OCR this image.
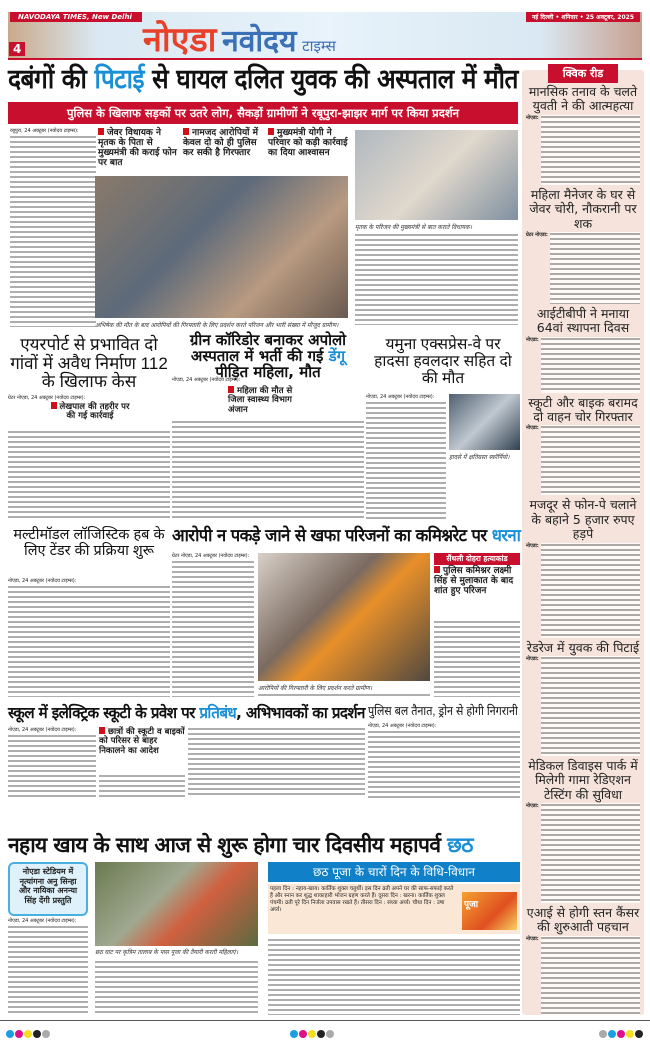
NAVODAYA TIMES, New Delhi
4	नोएडा नवोदय टाइम्स
नई दिल्ली • शनिवार • 25 अक्टूबर, 2025
दबंगों की पिटाई से घायल दलित युवक की अस्पताल में मौत
पुलिस के खिलाफ सड़कों पर उतरे लोग, सैकड़ों ग्रामीणों ने रबूपुरा-झाझर मार्ग पर किया प्रदर्शन
रबूपुरा, 24 अक्टूबर (नवोदय टाइम्स):	जेवर विधायक ने मृतक के पिता से मुख्यमंत्री की कराई फोन पर बात
नामजद आरोपियों में केवल दो को ही पुलिस कर सकी है गिरफ्तार
मुख्यमंत्री योगी ने परिवार को कड़ी कार्रवाई का दिया आश्वासन
अभिषेक की मौत के बाद आरोपियों की गिरफ्तारी के लिए प्रदर्शन करते परिजन और भारी संख्या में मौजूद ग्रामीण।
मृतक के परिजन की मुख्यमंत्री से बात कराते विधायक।
एयरपोर्ट से प्रभावित दो गांवों में अवैध निर्माण 112 के खिलाफ केस
ग्रेटर नोएडा, 24 अक्टूबर (नवोदय टाइम्स):
लेखपाल की तहरीर पर की गई कार्रवाई
ग्रीन कॉरिडोर बनाकर अपोलो अस्पताल में भर्ती की गई डेंगू पीड़ित महिला, मौत
नोएडा, 24 अक्टूबर (नवोदय टाइम्स):
महिला की मौत से जिला स्वास्थ्य विभाग अंजान
यमुना एक्सप्रेस-वे पर हादसा हवलदार सहित दो की मौत
नोएडा, 24 अक्टूबर (नवोदय टाइम्स):
हादसे में क्षतिग्रस्त स्कॉर्पियो।
मल्टीमॉडल लॉजिस्टिक हब के लिए टेंडर की प्रक्रिया शुरू
नोएडा, 24 अक्टूबर (नवोदय टाइम्स):
आरोपी न पकड़े जाने से खफा परिजनों का कमिश्नरेट पर धरना
ग्रेटर नोएडा, 24 अक्टूबर (नवोदय टाइम्स):
आरोपियों की गिरफ्तारी के लिए प्रदर्शन करते ग्रामीण।
सैंथली दोहरा हत्याकांड
पुलिस कमिश्नर लक्ष्मी सिंह से मुलाकात के बाद शांत हुए परिजन
स्कूल में इलेक्ट्रिक स्कूटी के प्रवेश पर प्रतिबंध, अभिभावकों का प्रदर्शन
नोएडा, 24 अक्टूबर (नवोदय टाइम्स):	छात्रों की स्कूटी व बाइकों को परिसर से बाहर निकालने का आदेश
पुलिस बल तैनात, ड्रोन से होगी निगरानी
नोएडा, 24 अक्टूबर (नवोदय टाइम्स):
नहाय खाय के साथ आज से शुरू होगा चार दिवसीय महापर्व छठ
नोएडा स्टेडियम में नृत्यांगना अनु सिन्हा और नायिका अनन्या सिंह देंगी प्रस्तुति
नोएडा, 24 अक्टूबर (नवोदय टाइम्स):
छठ घाट पर कृत्रिम तालाब के पास पूजा की तैयारी करती महिलाएं।
छठ पूजा के चारों दिन के विधि-विधान
पहला दिन : नहाय-खाय। कार्तिक शुक्ल चतुर्थी। इस दिन व्रती अपने घर की साफ-सफाई करते हैं और स्नान कर शुद्ध शाकाहारी भोजन ग्रहण करते हैं। दूसरा दिन : खरना। कार्तिक शुक्ल पंचमी। व्रती पूरे दिन निर्जला उपवास रखते हैं। तीसरा दिन : संध्या अर्घ्य। चौथा दिन : उषा अर्घ्य।
पूजा
क्विक रीड
मानसिक तनाव के चलते युवती ने की आत्महत्या
नोएडा:
महिला मैनेजर के घर से जेवर चोरी, नौकरानी पर शक
ग्रेटर नोएडा:
आईटीबीपी ने मनाया 64वां स्थापना दिवस
नोएडा:
स्कूटी और बाइक बरामद दो वाहन चोर गिरफ्तार
नोएडा:
मजदूर से फोन-पे चलाने के बहाने 5 हजार रुपए हड़पे
नोएडा:
रेडरेज में युवक की पिटाई
नोएडा:
मेडिकल डिवाइस पार्क में मिलेगी गामा रेडिएशन टेस्टिंग की सुविधा
नोएडा:
एआई से होगी स्तन कैंसर की शुरुआती पहचान
नोएडा:
